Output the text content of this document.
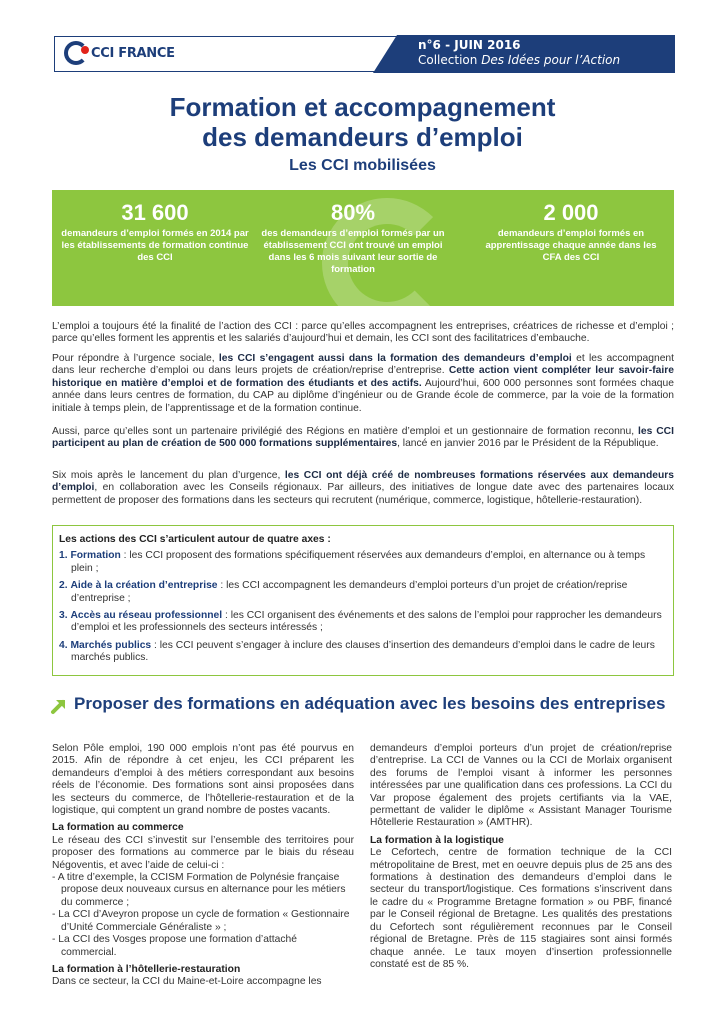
CCI FRANCE
n°6 - JUIN 2016
Collection Des Idées pour l’Action
Formation et accompagnement
des demandeurs d’emploi
Les CCI mobilisées
31 600
demandeurs d’emploi formés en 2014 par les établissements de formation continue des CCI
80%
des demandeurs d’emploi formés par un établissement CCI ont trouvé un emploi dans les 6 mois suivant leur sortie de formation
2 000
demandeurs d’emploi formés en apprentissage chaque année dans les CFA des CCI

L’emploi a toujours été la finalité de l’action des CCI : parce qu’elles accompagnent les entreprises, créatrices de richesse et d’emploi ; parce qu’elles forment les apprentis et les salariés d’aujourd’hui et demain, les CCI sont des facilitatrices d’embauche.

Pour répondre à l’urgence sociale, les CCI s’engagent aussi dans la formation des demandeurs d’emploi et les accompagnent dans leur recherche d’emploi ou dans leurs projets de création/reprise d’entreprise. Cette action vient compléter leur savoir-faire historique en matière d’emploi et de formation des étudiants et des actifs. Aujourd’hui, 600 000 personnes sont formées chaque année dans leurs centres de formation, du CAP au diplôme d’ingénieur ou de Grande école de commerce, par la voie de la formation initiale à temps plein, de l’apprentissage et de la formation continue.

Aussi, parce qu’elles sont un partenaire privilégié des Régions en matière d’emploi et un gestionnaire de formation reconnu, les CCI participent au plan de création de 500 000 formations supplémentaires, lancé en janvier 2016 par le Président de la République.

Six mois après le lancement du plan d’urgence, les CCI ont déjà créé de nombreuses formations réservées aux demandeurs d’emploi, en collaboration avec les Conseils régionaux. Par ailleurs, des initiatives de longue date avec des partenaires locaux permettent de proposer des formations dans les secteurs qui recrutent (numérique, commerce, logistique, hôtellerie-restauration).

Les actions des CCI s’articulent autour de quatre axes :
1. Formation : les CCI proposent des formations spécifiquement réservées aux demandeurs d’emploi, en alternance ou à temps plein ;
2. Aide à la création d’entreprise : les CCI accompagnent les demandeurs d’emploi porteurs d’un projet de création/reprise d’entreprise ;
3. Accès au réseau professionnel : les CCI organisent des événements et des salons de l’emploi pour rapprocher les demandeurs d’emploi et les professionnels des secteurs intéressés ;
4. Marchés publics : les CCI peuvent s’engager à inclure des clauses d’insertion des demandeurs d’emploi dans le cadre de leurs marchés publics.
Proposer des formations en adéquation avec les besoins des entreprises

Selon Pôle emploi, 190 000 emplois n’ont pas été pourvus en 2015. Afin de répondre à cet enjeu, les CCI préparent les demandeurs d’emploi à des métiers correspondant aux besoins réels de l’économie. Des formations sont ainsi proposées dans les secteurs du commerce, de l’hôtellerie-restauration et de la logistique, qui comptent un grand nombre de postes vacants.

La formation au commerce

Le réseau des CCI s’investit sur l’ensemble des territoires pour proposer des formations au commerce par le biais du réseau Négoventis, et avec l’aide de celui-ci :

- A titre d’exemple, la CCISM Formation de Polynésie française propose deux nouveaux cursus en alternance pour les métiers du commerce ;
- La CCI d’Aveyron propose un cycle de formation « Gestionnaire d’Unité Commerciale Généraliste » ;
- La CCI des Vosges propose une formation d’attaché commercial.
La formation à l’hôtellerie-restauration

Dans ce secteur, la CCI du Maine-et-Loire accompagne les

demandeurs d’emploi porteurs d’un projet de création/reprise d’entreprise. La CCI de Vannes ou la CCI de Morlaix organisent des forums de l’emploi visant à informer les personnes intéressées par une qualification dans ces professions. La CCI du Var propose également des projets certifiants via la VAE, permettant de valider le diplôme « Assistant Manager Tourisme Hôtellerie Restauration » (AMTHR).

La formation à la logistique

Le Cefortech, centre de formation technique de la CCI métropolitaine de Brest, met en oeuvre depuis plus de 25 ans des formations à destination des demandeurs d’emploi dans le secteur du transport/logistique. Ces formations s’inscrivent dans le cadre du « Programme Bretagne formation » ou PBF, financé par le Conseil régional de Bretagne. Les qualités des prestations du Cefortech sont régulièrement reconnues par le Conseil régional de Bretagne. Près de 115 stagiaires sont ainsi formés chaque année. Le taux moyen d’insertion professionnelle constaté est de 85 %.
